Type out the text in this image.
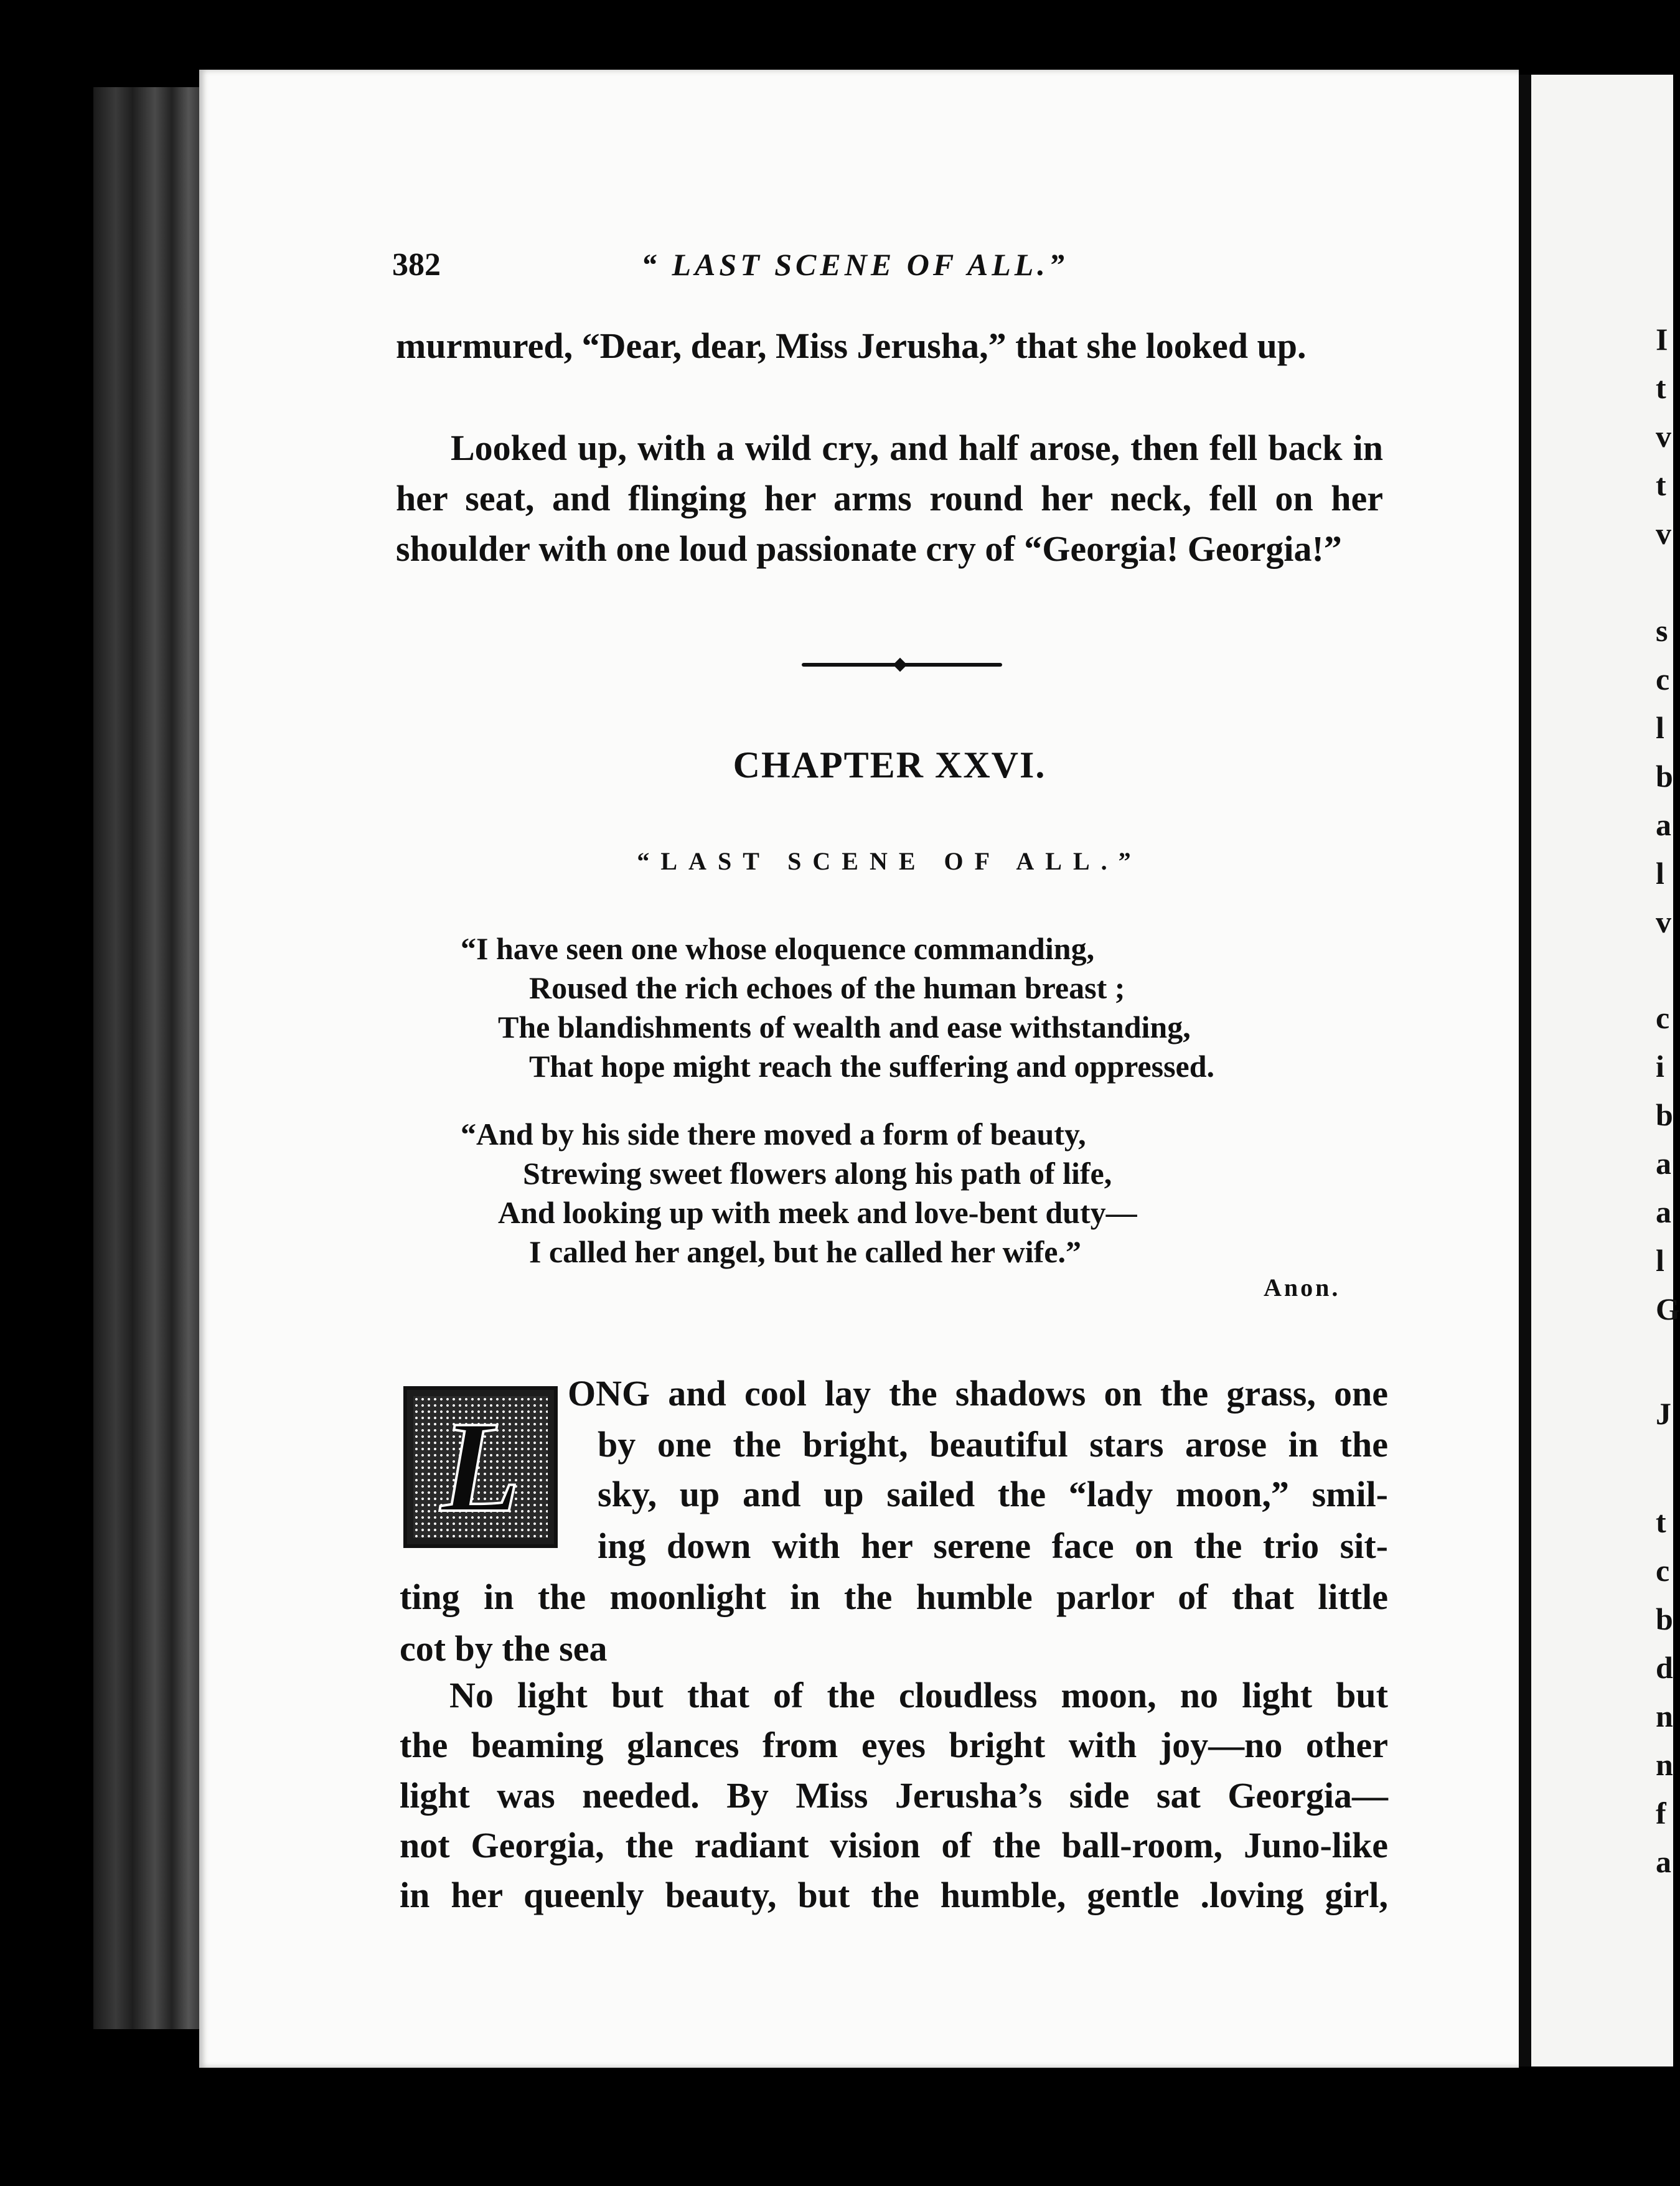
I
t
v
t
v
s
c
l
b
a
l
v
c
i
b
a
a
l
G
J
t
c
b
d
n
n
f
a
382	“ LAST SCENE OF ALL.”

murmured, “Dear, dear, Miss Jerusha,” that she looked up.

Looked up, with a wild cry, and half arose, then fell back in her seat, and flinging her arms round her neck, fell on her shoulder with one loud passionate cry of “Georgia! Georgia!”

CHAPTER XXVI.
“LAST SCENE OF ALL.”
“I have seen one whose eloquence commanding,
Roused the rich echoes of the human breast ;
The blandishments of wealth and ease withstanding,
That hope might reach the suffering and oppressed.
“And by his side there moved a form of beauty,
Strewing sweet flowers along his path of life,
And looking up with meek and love-bent duty—
I called her angel, but he called her wife.”
Anon.
L
ONG and cool lay the shadows on the grass, one
by one the bright, beautiful stars arose in the
sky, up and up sailed the “lady moon,” smil-
ing down with her serene face on the trio sit-
ting in the moonlight in the humble parlor of that little
cot by the sea
No light but that of the cloudless moon, no light but
the beaming glances from eyes bright with joy—no other
light was needed. By Miss Jerusha’s side sat Georgia—
not Georgia, the radiant vision of the ball-room, Juno-like
in her queenly beauty, but the humble, gentle .loving girl,
